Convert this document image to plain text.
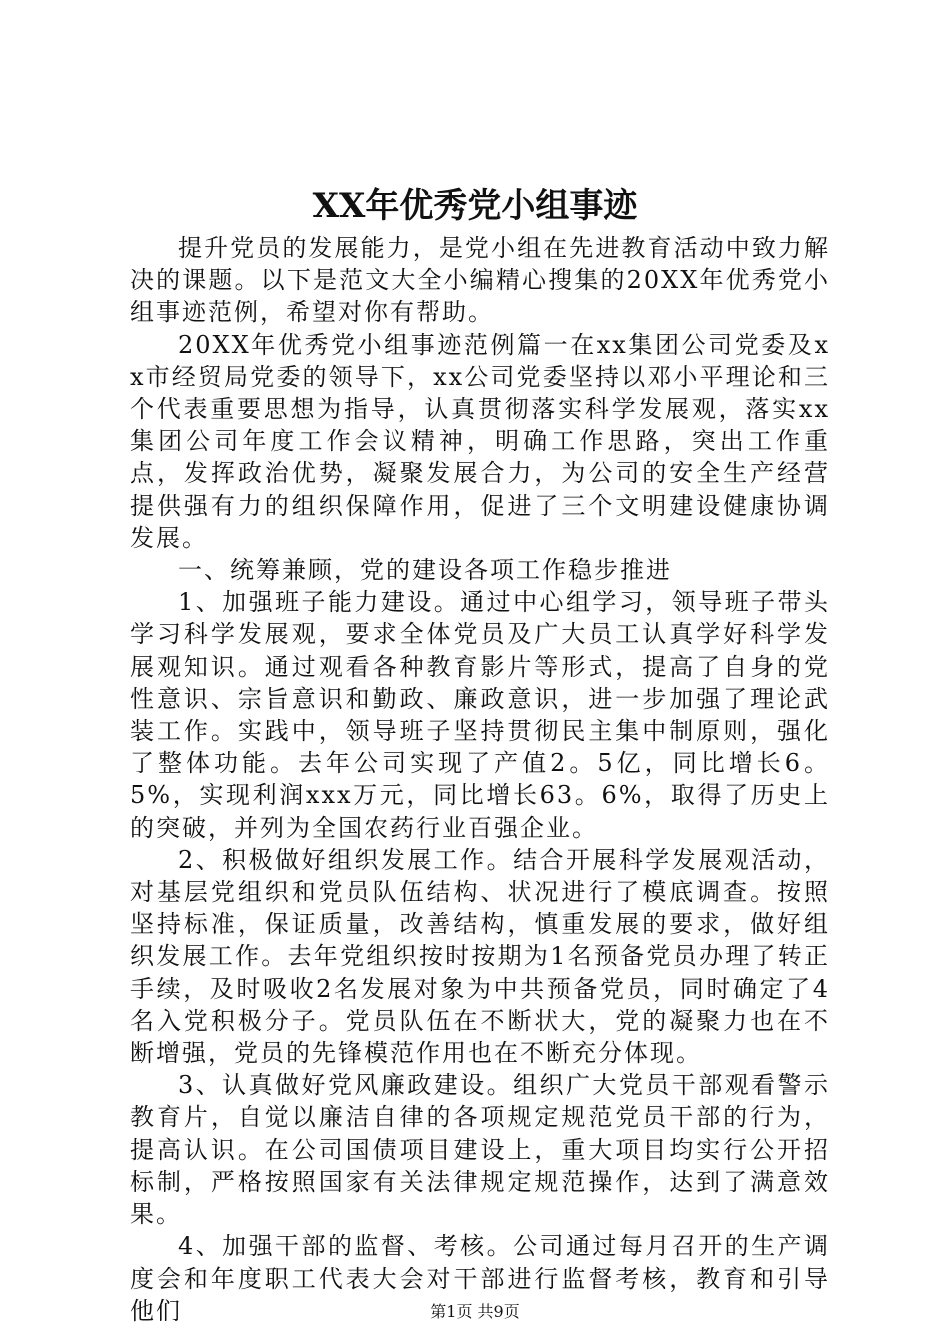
XX年优秀党小组事迹

提升党员的发展能力，是党小组在先进教育活动中致力解决的课题。以下是范文大全小编精心搜集的20XX年优秀党小组事迹范例，希望对你有帮助。

20XX年优秀党小组事迹范例篇一在xx集团公司党委及xx市经贸局党委的领导下，xx公司党委坚持以邓小平理论和三个代表重要思想为指导，认真贯彻落实科学发展观，落实xx集团公司年度工作会议精神，明确工作思路，突出工作重点，发挥政治优势，凝聚发展合力，为公司的安全生产经营提供强有力的组织保障作用，促进了三个文明建设健康协调发展。

一、统筹兼顾，党的建设各项工作稳步推进

1、加强班子能力建设。通过中心组学习，领导班子带头学习科学发展观，要求全体党员及广大员工认真学好科学发展观知识。通过观看各种教育影片等形式，提高了自身的党性意识、宗旨意识和勤政、廉政意识，进一步加强了理论武装工作。实践中，领导班子坚持贯彻民主集中制原则，强化了整体功能。去年公司实现了产值2。5亿，同比增长6。5%，实现利润xxx万元，同比增长63。6%，取得了历史上的突破，并列为全国农药行业百强企业。

2、积极做好组织发展工作。结合开展科学发展观活动，对基层党组织和党员队伍结构、状况进行了模底调查。按照坚持标准，保证质量，改善结构，慎重发展的要求，做好组织发展工作。去年党组织按时按期为1名预备党员办理了转正手续，及时吸收2名发展对象为中共预备党员，同时确定了4名入党积极分子。党员队伍在不断状大，党的凝聚力也在不断增强，党员的先锋模范作用也在不断充分体现。

3、认真做好党风廉政建设。组织广大党员干部观看警示教育片，自觉以廉洁自律的各项规定规范党员干部的行为，提高认识。在公司国债项目建设上，重大项目均实行公开招标制，严格按照国家有关法律规定规范操作，达到了满意效果。

4、加强干部的监督、考核。公司通过每月召开的生产调度会和年度职工代表大会对干部进行监督考核，教育和引导他们	第1页 共9页
